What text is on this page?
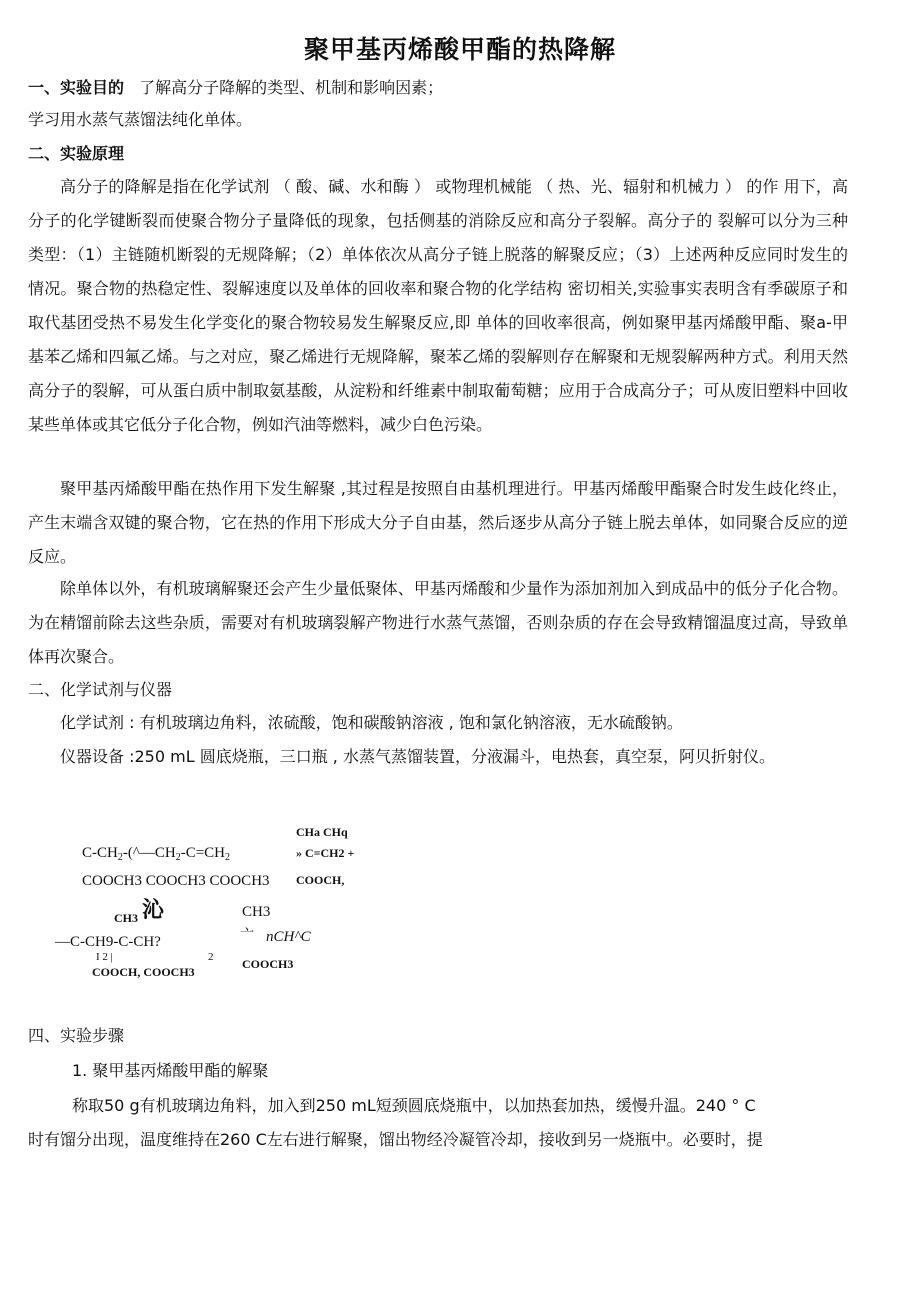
聚甲基丙烯酸甲酯的热降解
一、实验目的 了解高分子降解的类型、机制和影响因素；
学习用水蒸气蒸馏法纯化单体。
二、实验原理
高分子的降解是指在化学试剂 （ 酸、碱、水和酶 ） 或物理机械能 （ 热、光、辐射和机械力 ） 的作 用下，高分子的化学键断裂而使聚合物分子量降低的现象，包括侧基的消除反应和高分子裂解。高分子的 裂解可以分为三种类型：（1）主链随机断裂的无规降解；（2）单体依次从高分子链上脱落的解聚反应；（3）上述两种反应同时发生的情况。聚合物的热稳定性、裂解速度以及单体的回收率和聚合物的化学结构 密切相关,实验事实表明含有季碳原子和取代基团受热不易发生化学变化的聚合物较易发生解聚反应,即 单体的回收率很高，例如聚甲基丙烯酸甲酯、聚a-甲基苯乙烯和四氟乙烯。与之对应，聚乙烯进行无规降解，聚苯乙烯的裂解则存在解聚和无规裂解两种方式。利用天然高分子的裂解，可从蛋白质中制取氨基酸，从淀粉和纤维素中制取葡萄糖；应用于合成高分子；可从废旧塑料中回收某些单体或其它低分子化合物，例如汽油等燃料，减少白色污染。
聚甲基丙烯酸甲酯在热作用下发生解聚 ,其过程是按照自由基机理进行。甲基丙烯酸甲酯聚合时发生歧化终止，产生末端含双键的聚合物，它在热的作用下形成大分子自由基，然后逐步从高分子链上脱去单体，如同聚合反应的逆反应。
除单体以外，有机玻璃解聚还会产生少量低聚体、甲基丙烯酸和少量作为添加剂加入到成品中的低分子化合物。为在精馏前除去这些杂质，需要对有机玻璃裂解产物进行水蒸气蒸馏，否则杂质的存在会导致精馏温度过高，导致单体再次聚合。
二、化学试剂与仪器
化学试剂 : 有机玻璃边角料，浓硫酸，饱和碳酸钠溶液 , 饱和氯化钠溶液，无水硫酸钠。
仪器设备 :250 mL 圆底烧瓶，三口瓶 , 水蒸气蒸馏装置，分液漏斗，电热套，真空泵，阿贝折射仪。
$C-CH_2-(\^{}—CH_2-C=CH_2$
COOCH3 COOCH3 COOCH3
CHa CHq
» C=CH2 +
COOCH,
CH3 沁
—C-CH9-C-CH?
I 2 |	2
COOCH, COOCH3
CH3
亠 nCH^C
COOCH3
四、实验步骤
1. 聚甲基丙烯酸甲酯的解聚
称取50 g有机玻璃边角料，加入到250 mL短颈圆底烧瓶中，以加热套加热，缓慢升温。240 ° C
时有馏分出现，温度维持在260 C左右进行解聚，馏出物经冷凝管冷却，接收到另一烧瓶中。必要时，提
